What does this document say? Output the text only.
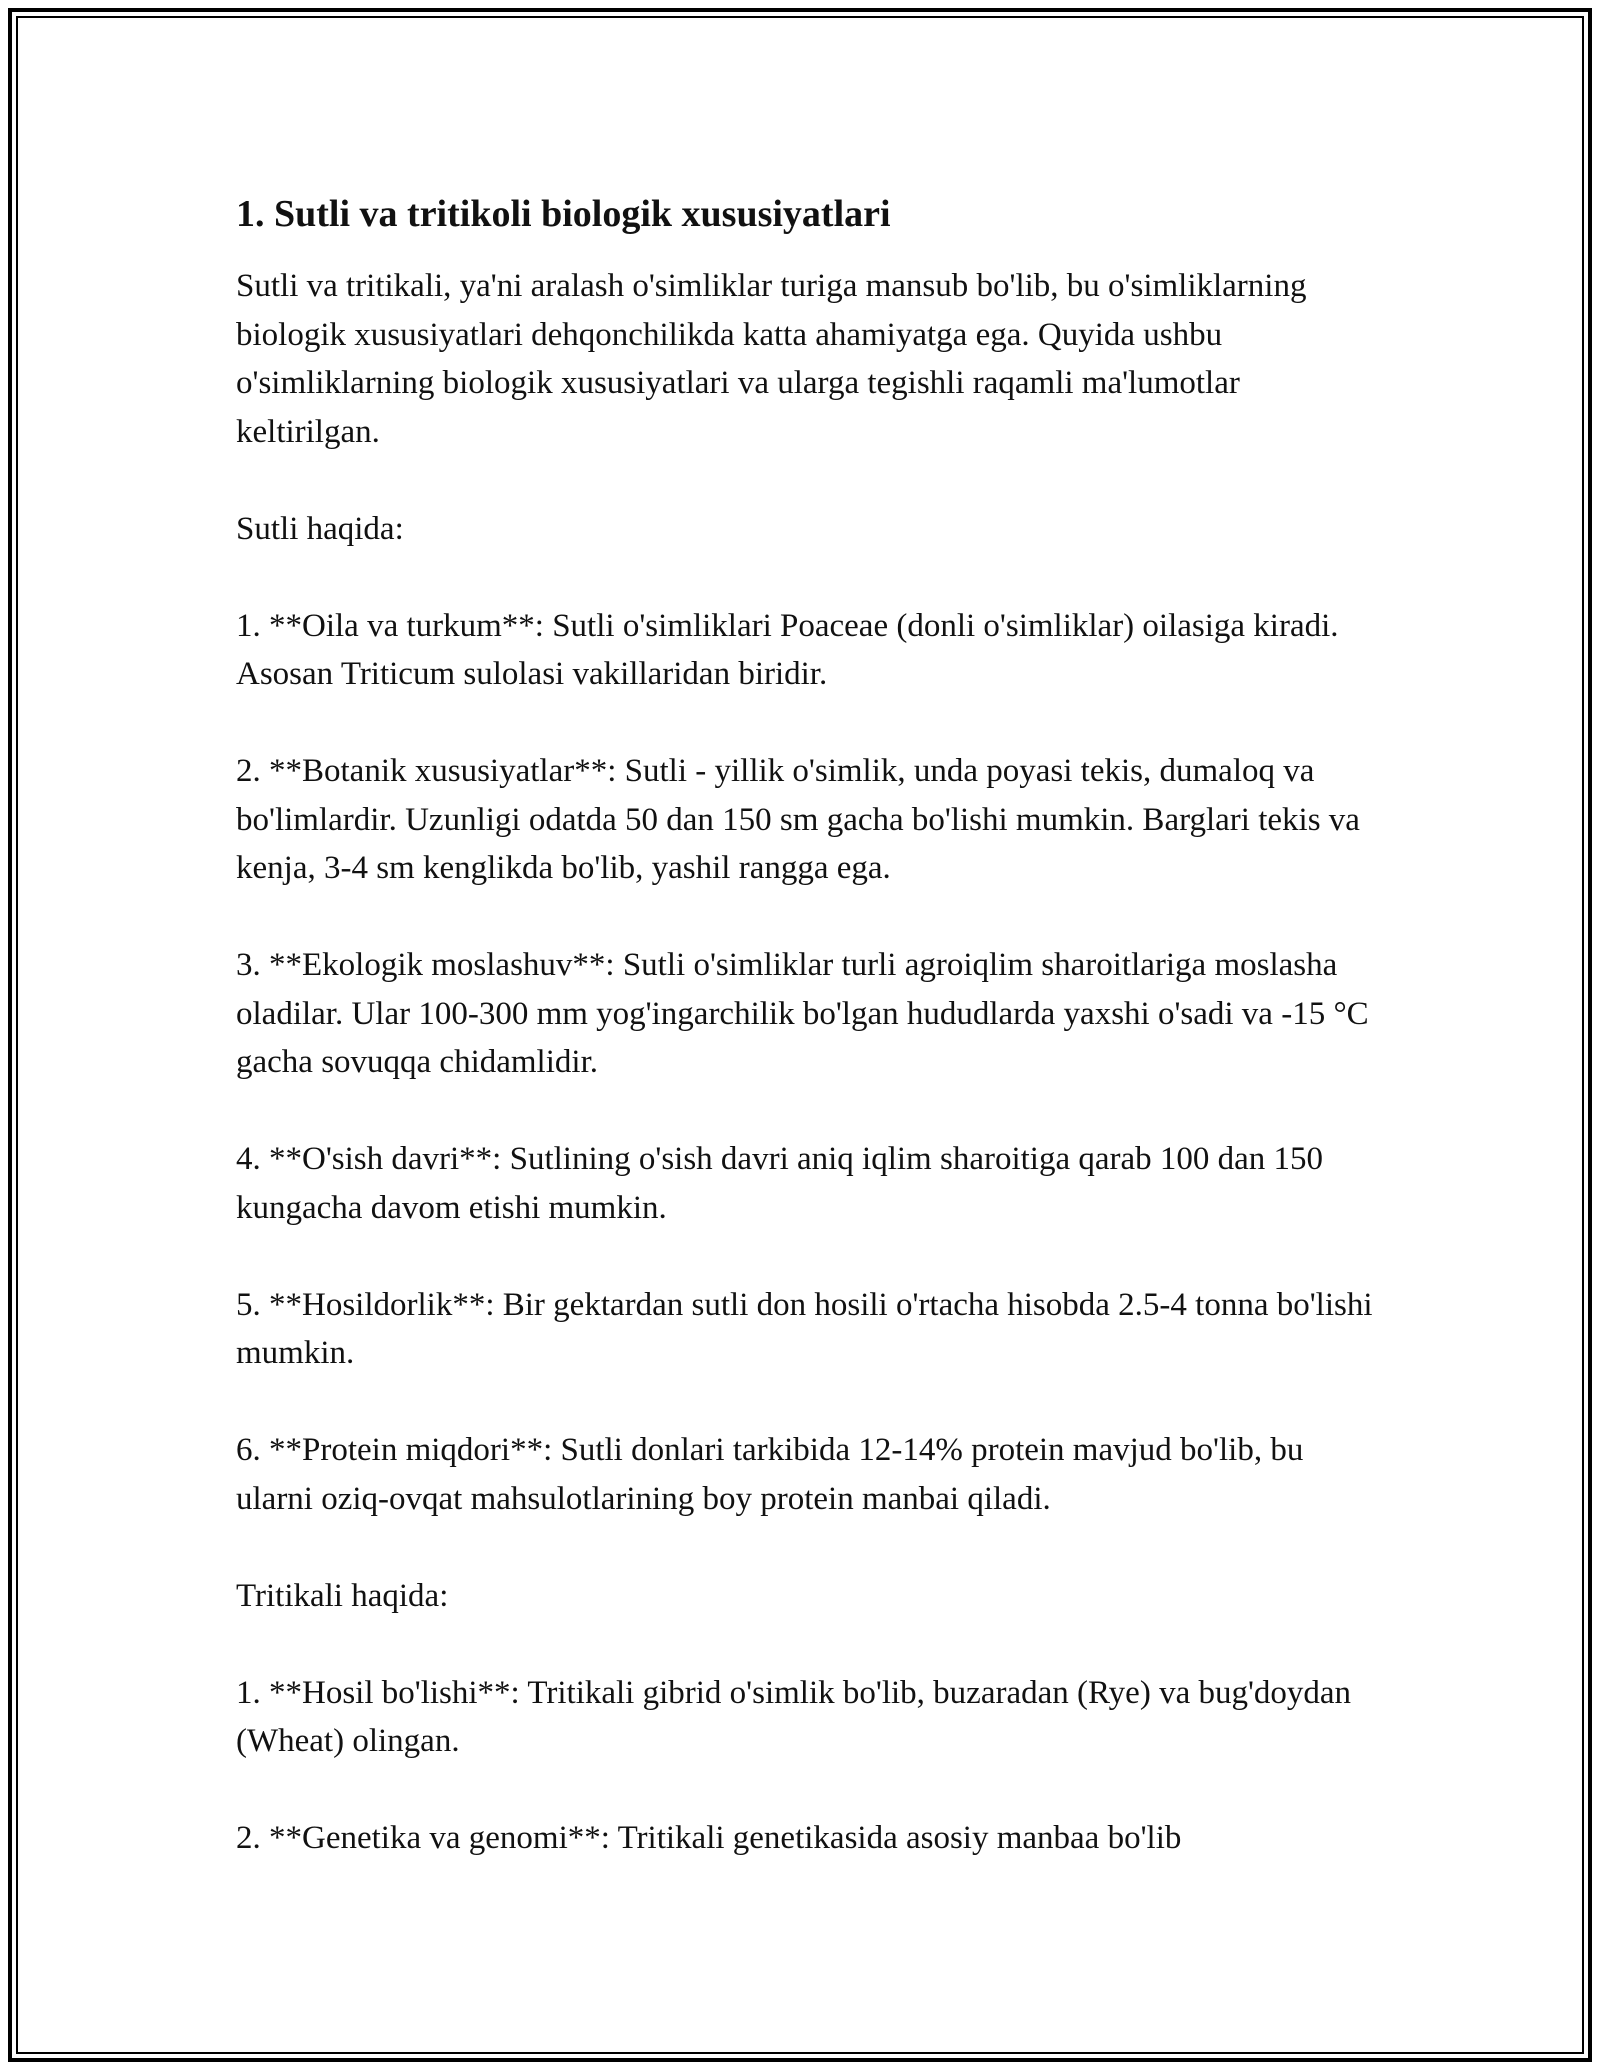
1. Sutli va tritikoli biologik xususiyatlari

Sutli va tritikali, ya'ni aralash o'simliklar turiga mansub bo'lib, bu o'simliklarning biologik xususiyatlari dehqonchilikda katta ahamiyatga ega. Quyida ushbu o'simliklarning biologik xususiyatlari va ularga tegishli raqamli ma'lumotlar keltirilgan.

Sutli haqida:

1. **Oila va turkum**: Sutli o'simliklari Poaceae (donli o'simliklar) oilasiga kiradi. Asosan Triticum sulolasi vakillaridan biridir.

2. **Botanik xususiyatlar**: Sutli - yillik o'simlik, unda poyasi tekis, dumaloq va bo'limlardir. Uzunligi odatda 50 dan 150 sm gacha bo'lishi mumkin. Barglari tekis va kenja, 3-4 sm kenglikda bo'lib, yashil rangga ega.

3. **Ekologik moslashuv**: Sutli o'simliklar turli agroiqlim sharoitlariga moslasha oladilar. Ular 100-300 mm yog'ingarchilik bo'lgan hududlarda yaxshi o'sadi va -15 °C gacha sovuqqa chidamlidir.

4. **O'sish davri**: Sutlining o'sish davri aniq iqlim sharoitiga qarab 100 dan 150 kungacha davom etishi mumkin.

5. **Hosildorlik**: Bir gektardan sutli don hosili o'rtacha hisobda 2.5-4 tonna bo'lishi mumkin.

6. **Protein miqdori**: Sutli donlari tarkibida 12-14% protein mavjud bo'lib, bu ularni oziq-ovqat mahsulotlarining boy protein manbai qiladi.

Tritikali haqida:

1. **Hosil bo'lishi**: Tritikali gibrid o'simlik bo'lib, buzaradan (Rye) va bug'doydan (Wheat) olingan.

2. **Genetika va genomi**: Tritikali genetikasida asosiy manbaa bo'lib
